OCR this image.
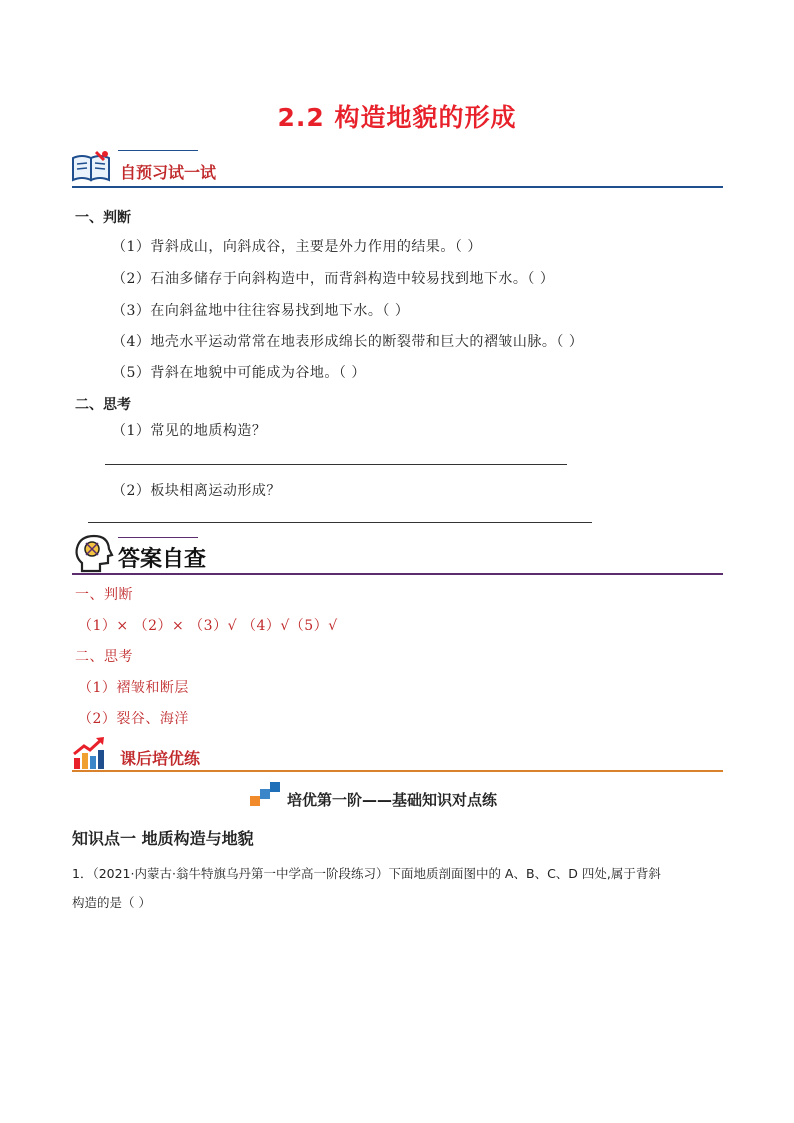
2.2 构造地貌的形成
自预习试一试
一、判断
（1）背斜成山，向斜成谷，主要是外力作用的结果。（ ）
（2）石油多储存于向斜构造中，而背斜构造中较易找到地下水。（ ）
（3）在向斜盆地中往往容易找到地下水。（ ）
（4）地壳水平运动常常在地表形成绵长的断裂带和巨大的褶皱山脉。（ ）
（5）背斜在地貌中可能成为谷地。（ ）
二、思考
（1）常见的地质构造？
（2）板块相离运动形成？
答案自查
一、判断
（1）× （2）× （3）√ （4）√（5）√
二、思考
（1）褶皱和断层
（2）裂谷、海洋
课后培优练
培优第一阶——基础知识对点练
知识点一 地质构造与地貌
1．（2021·内蒙古·翁牛特旗乌丹第一中学高一阶段练习）下面地质剖面图中的 A、B、C、D 四处,属于背斜
构造的是（ ）
